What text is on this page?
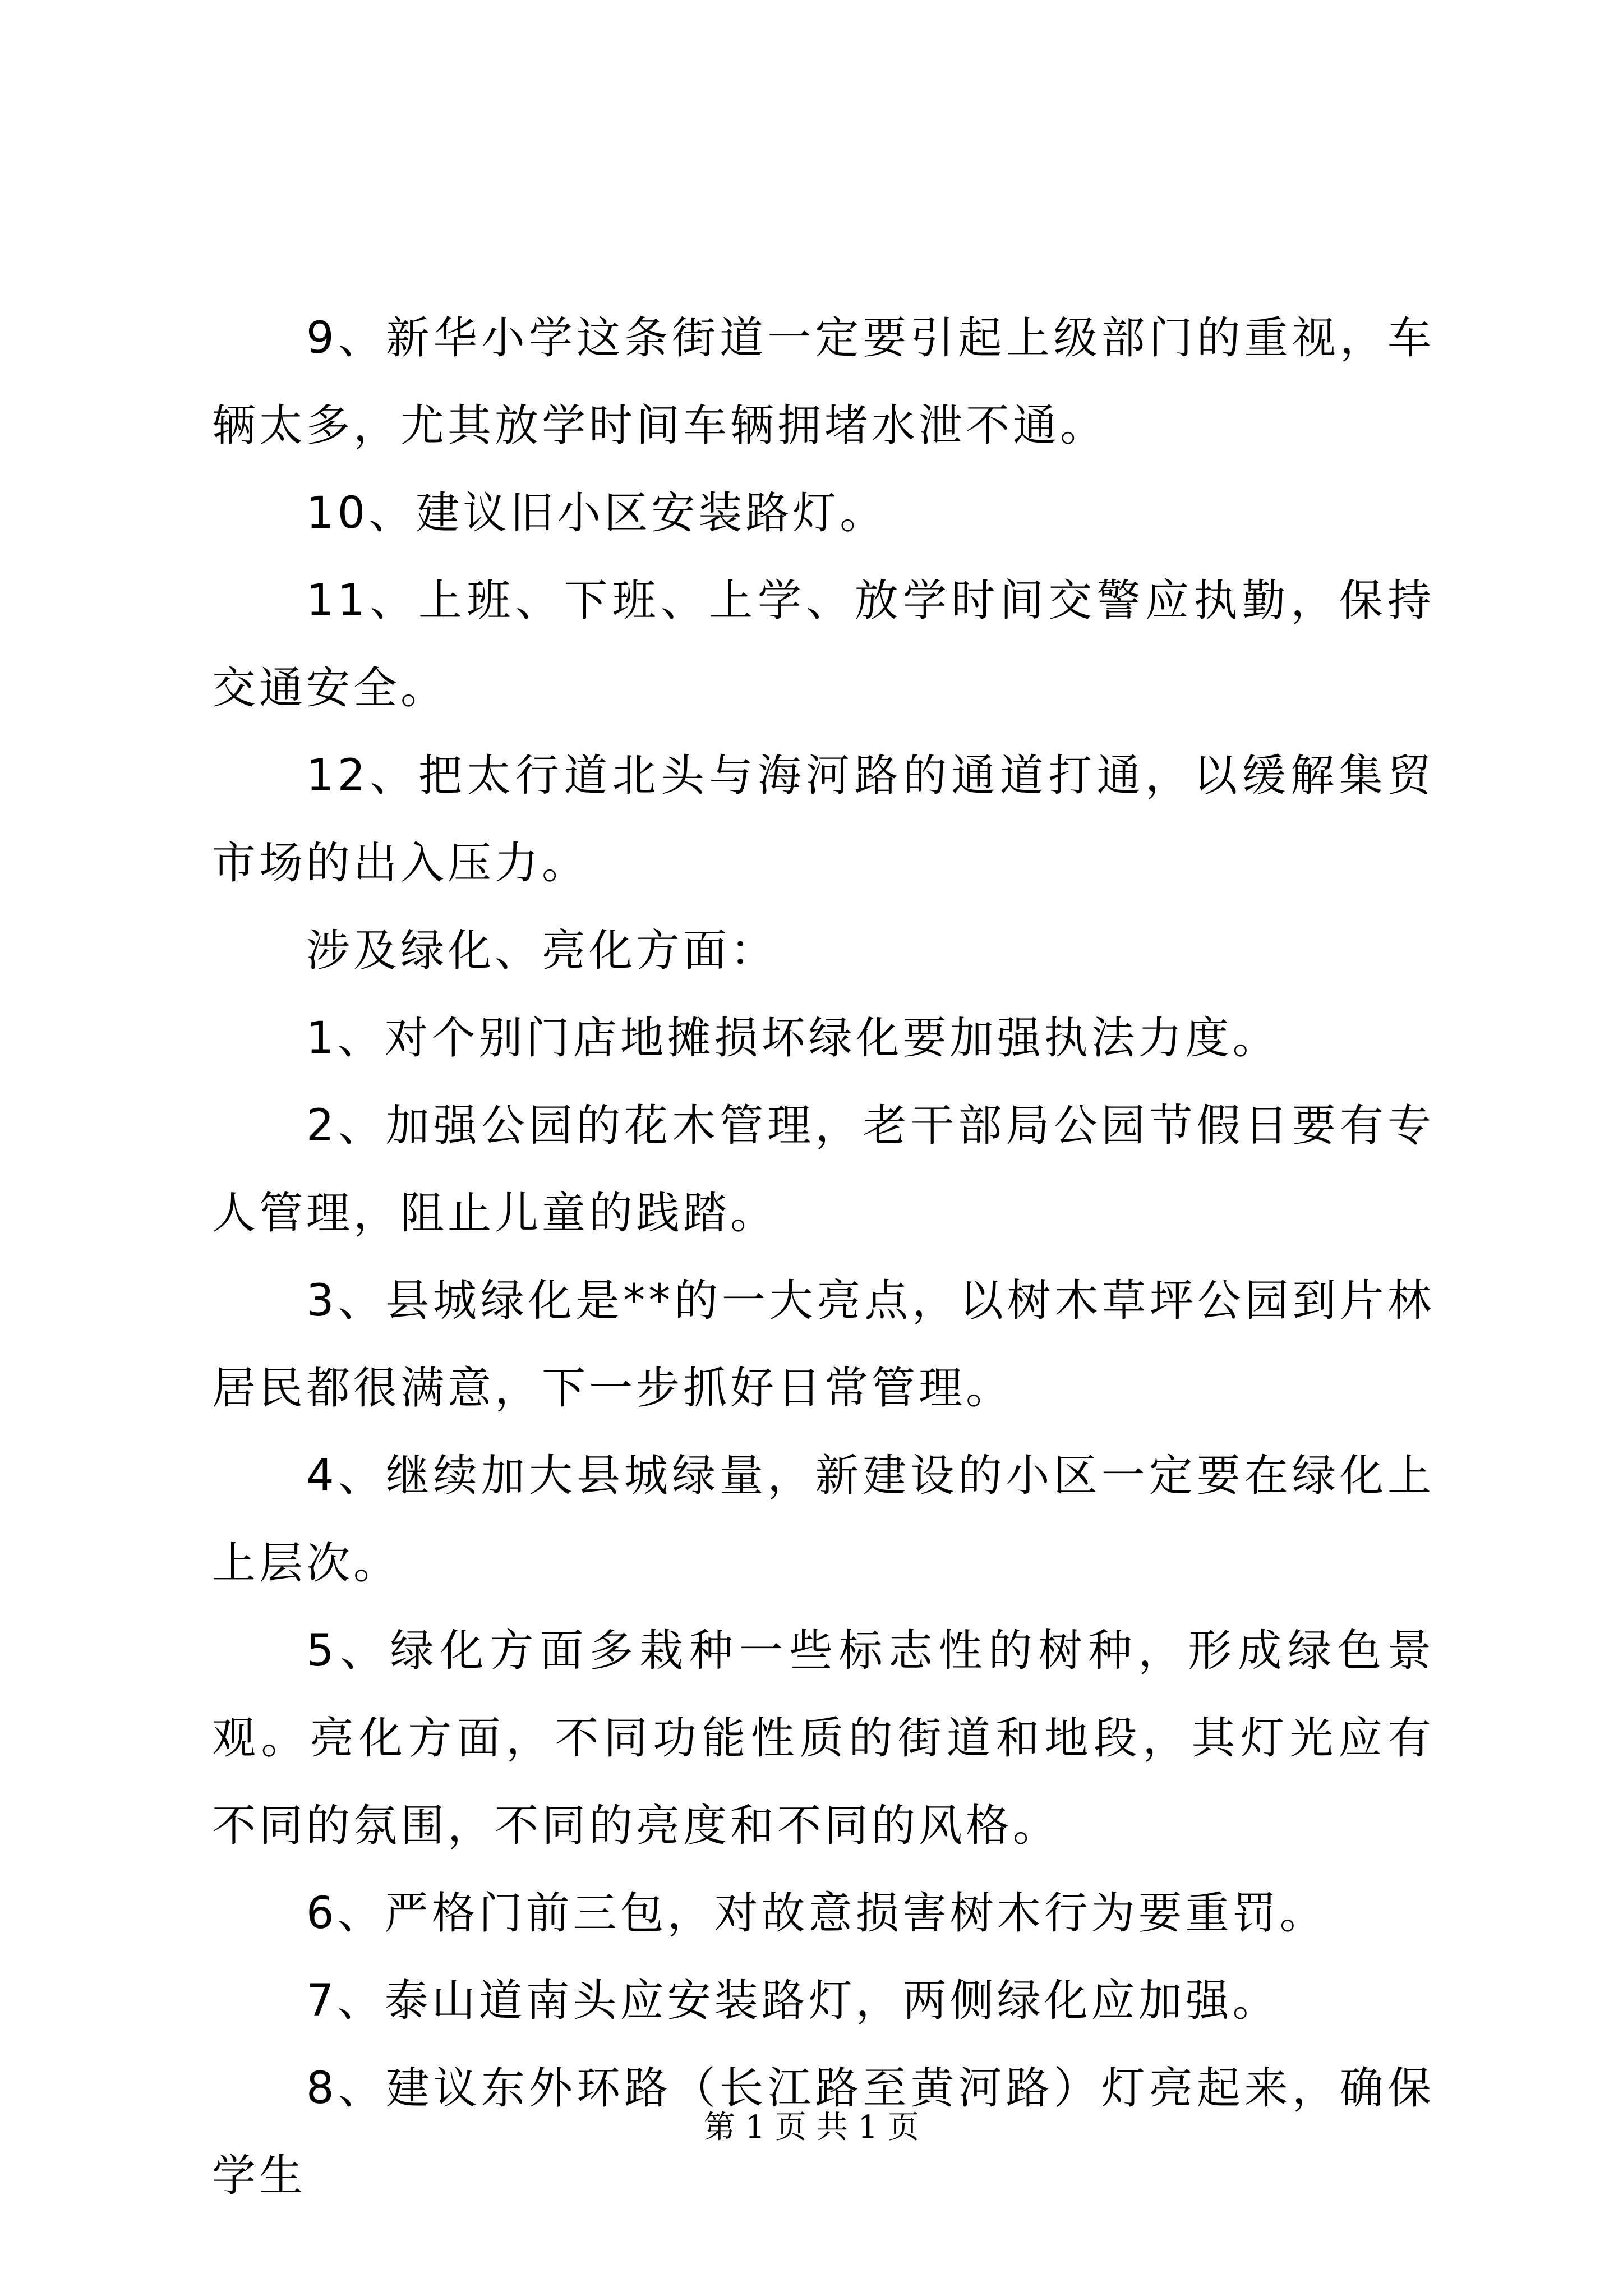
9、新华小学这条街道一定要引起上级部门的重视，车辆太多，尤其放学时间车辆拥堵水泄不通。

10、建议旧小区安装路灯。

11、上班、下班、上学、放学时间交警应执勤，保持交通安全。

12、把太行道北头与海河路的通道打通，以缓解集贸市场的出入压力。

涉及绿化、亮化方面：

1、对个别门店地摊损坏绿化要加强执法力度。

2、加强公园的花木管理，老干部局公园节假日要有专人管理，阻止儿童的践踏。

3、县城绿化是**的一大亮点，以树木草坪公园到片林居民都很满意，下一步抓好日常管理。

4、继续加大县城绿量，新建设的小区一定要在绿化上上层次。

5、绿化方面多栽种一些标志性的树种，形成绿色景观。亮化方面，不同功能性质的街道和地段，其灯光应有不同的氛围，不同的亮度和不同的风格。

6、严格门前三包，对故意损害树木行为要重罚。

7、泰山道南头应安装路灯，两侧绿化应加强。

8、建议东外环路（长江路至黄河路）灯亮起来，确保学生

第 1 页 共 1 页
